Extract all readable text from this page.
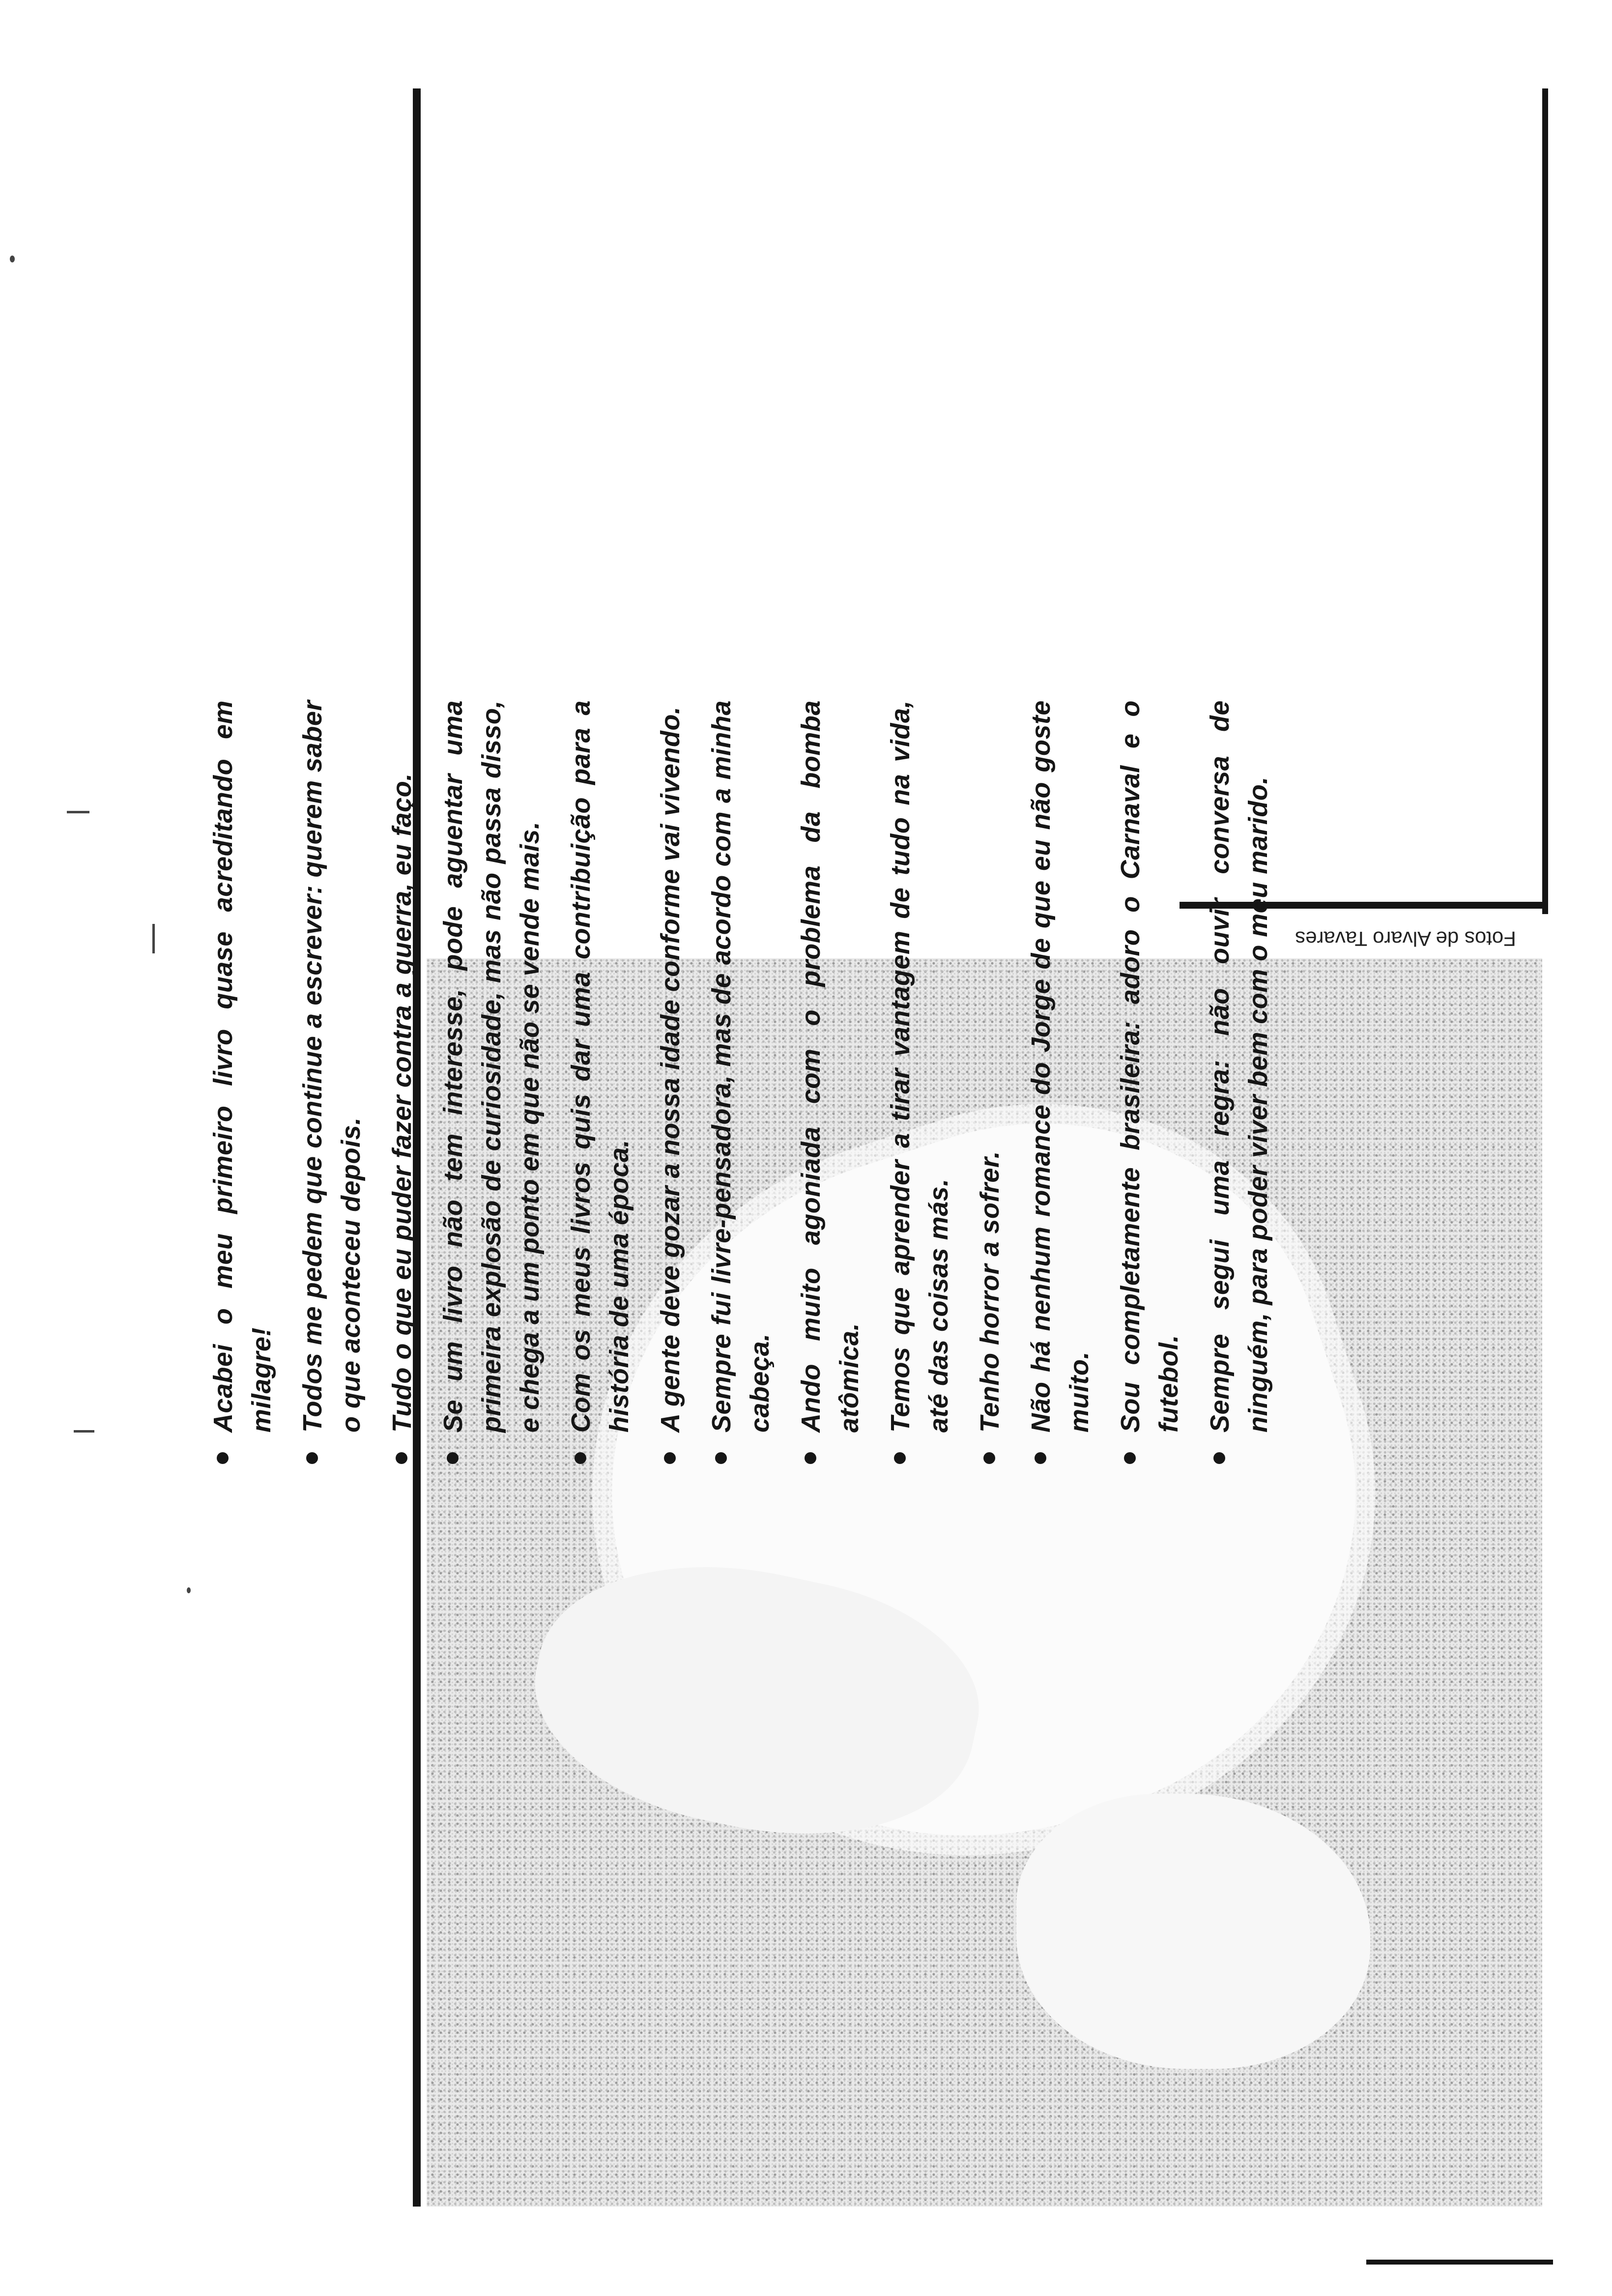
Fotos de Alvaro Tavares
Acabei o meu primeiro livro quase acreditando em milagre! Todos me pedem que continue a escrever: querem saber o que aconteceu depois. Tudo o que eu puder fazer contra a guerra, eu faço. Se um livro não tem interesse, pode aguentar uma primeira explosão de curiosidade, mas não passa disso, e chega a um ponto em que não se vende mais. Com os meus livros quis dar uma contribuição para a história de uma época. A gente deve gozar a nossa idade conforme vai vivendo. Sempre fui livre-pensadora, mas de acordo com a minha cabeça. Ando muito agoniada com o problema da bomba atômica. Temos que aprender a tirar vantagem de tudo na vida, até das coisas más. Tenho horror a sofrer. Não há nenhum romance do Jorge de que eu não goste muito. Sou completamente brasileira: adoro o Carnaval e o futebol. Sempre segui uma regra: não ouvir conversa de ninguém, para poder viver bem com o meu marido.
